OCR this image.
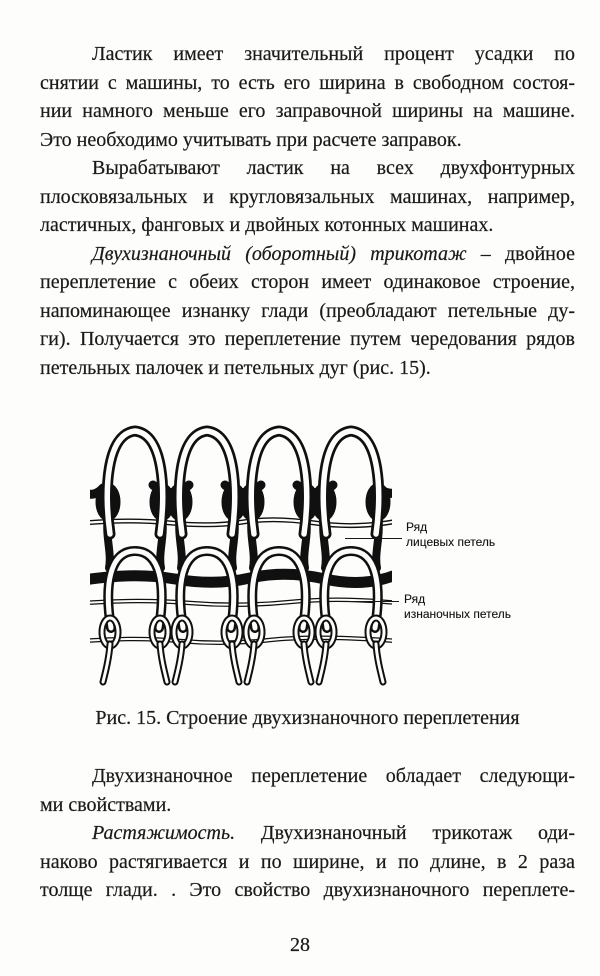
Ластик имеет значительный процент усадки по
снятии с машины, то есть его ширина в свободном состоя-
нии намного меньше его заправочной ширины на машине.
Это необходимо учитывать при расчете заправок.
Вырабатывают ластик на всех двухфонтурных
плосковязальных и кругловязальных машинах, например,
ластичных, фанговых и двойных котонных машинах.
Двухизнаночный (оборотный) трикотаж – двойное
переплетение с обеих сторон имеет одинаковое строение,
напоминающее изнанку глади (преобладают петельные ду-
ги). Получается это переплетение путем чередования рядов
петельных палочек и петельных дуг (рис. 15).
Ряд
лицевых петель
Ряд
изнаночных петель
Рис. 15. Строение двухизнаночного переплетения
Двухизнаночное переплетение обладает следующи-
ми свойствами.
Растяжимость. Двухизнаночный трикотаж оди-
наково растягивается и по ширине, и по длине, в 2 раза
толще глади. . Это свойство двухизнаночного переплете-
28
